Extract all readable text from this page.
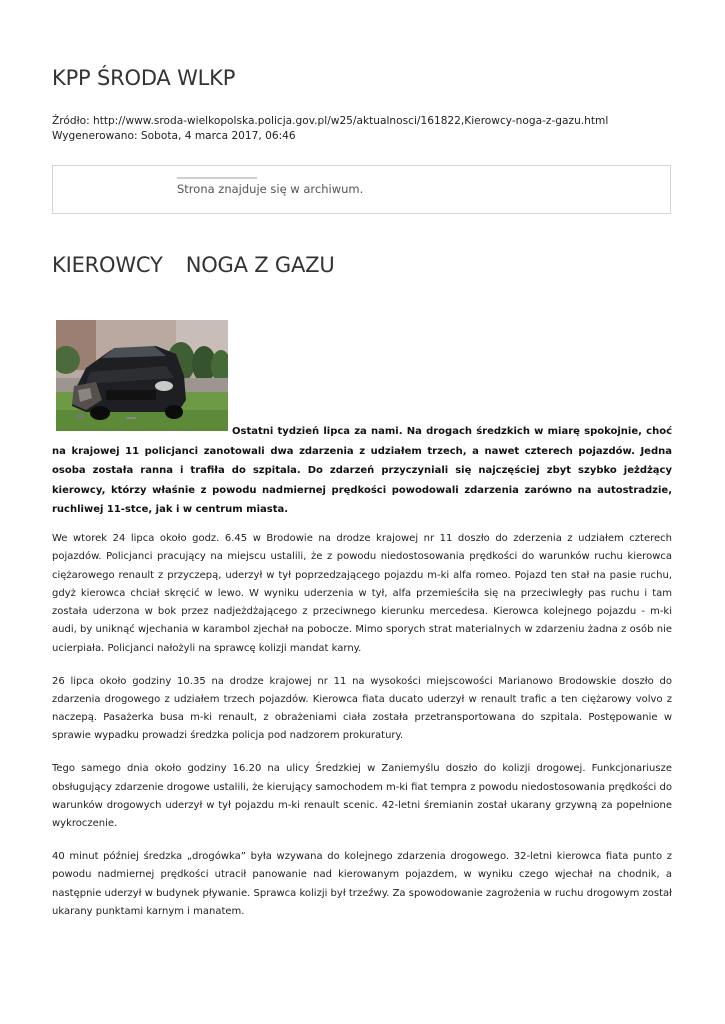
KPP ŚRODA WLKP
Źródło: http://www.sroda-wielkopolska.policja.gov.pl/w25/aktualnosci/161822,Kierowcy-noga-z-gazu.html
Wygenerowano: Sobota, 4 marca 2017, 06:46
Strona znajduje się w archiwum.
KIEROWCY NOGA Z GAZU
Ostatni tydzień lipca za nami. Na drogach średzkich w miarę spokojnie, choć na krajowej 11 policjanci zanotowali dwa zdarzenia z udziałem trzech, a nawet czterech pojazdów. Jedna osoba została ranna i trafiła do szpitala. Do zdarzeń przyczyniali się najczęściej zbyt szybko jeżdżący kierowcy, którzy właśnie z powodu nadmiernej prędkości powodowali zdarzenia zarówno na autostradzie, ruchliwej 11-stce, jak i w centrum miasta.

We wtorek 24 lipca około godz. 6.45 w Brodowie na drodze krajowej nr 11 doszło do zderzenia z udziałem czterech pojazdów. Policjanci pracujący na miejscu ustalili, że z powodu niedostosowania prędkości do warunków ruchu kierowca ciężarowego renault z przyczepą, uderzył w tył poprzedzającego pojazdu m-ki alfa romeo. Pojazd ten stał na pasie ruchu, gdyż kierowca chciał skręcić w lewo. W wyniku uderzenia w tył, alfa przemieściła się na przeciwległy pas ruchu i tam została uderzona w bok przez nadjeżdżającego z przeciwnego kierunku mercedesa. Kierowca kolejnego pojazdu - m-ki audi, by uniknąć wjechania w karambol zjechał na pobocze. Mimo sporych strat materialnych w zdarzeniu żadna z osób nie ucierpiała. Policjanci nałożyli na sprawcę kolizji mandat karny.

26 lipca około godziny 10.35 na drodze krajowej nr 11 na wysokości miejscowości Marianowo Brodowskie doszło do zdarzenia drogowego z udziałem trzech pojazdów. Kierowca fiata ducato uderzył w renault trafic a ten ciężarowy volvo z naczepą. Pasażerka busa m-ki renault, z obrażeniami ciała została przetransportowana do szpitala. Postępowanie w sprawie wypadku prowadzi średzka policja pod nadzorem prokuratury.

Tego samego dnia około godziny 16.20 na ulicy Średzkiej w Zaniemyślu doszło do kolizji drogowej. Funkcjonariusze obsługujący zdarzenie drogowe ustalili, że kierujący samochodem m-ki fiat tempra z powodu niedostosowania prędkości do warunków drogowych uderzył w tył pojazdu m-ki renault scenic. 42-letni śremianin został ukarany grzywną za popełnione wykroczenie.

40 minut później średzka „drogówka” była wzywana do kolejnego zdarzenia drogowego. 32-letni kierowca fiata punto z powodu nadmiernej prędkości utracił panowanie nad kierowanym pojazdem, w wyniku czego wjechał na chodnik, a następnie uderzył w budynek pływanie. Sprawca kolizji był trzeźwy. Za spowodowanie zagrożenia w ruchu drogowym został ukarany punktami karnym i manatem.
